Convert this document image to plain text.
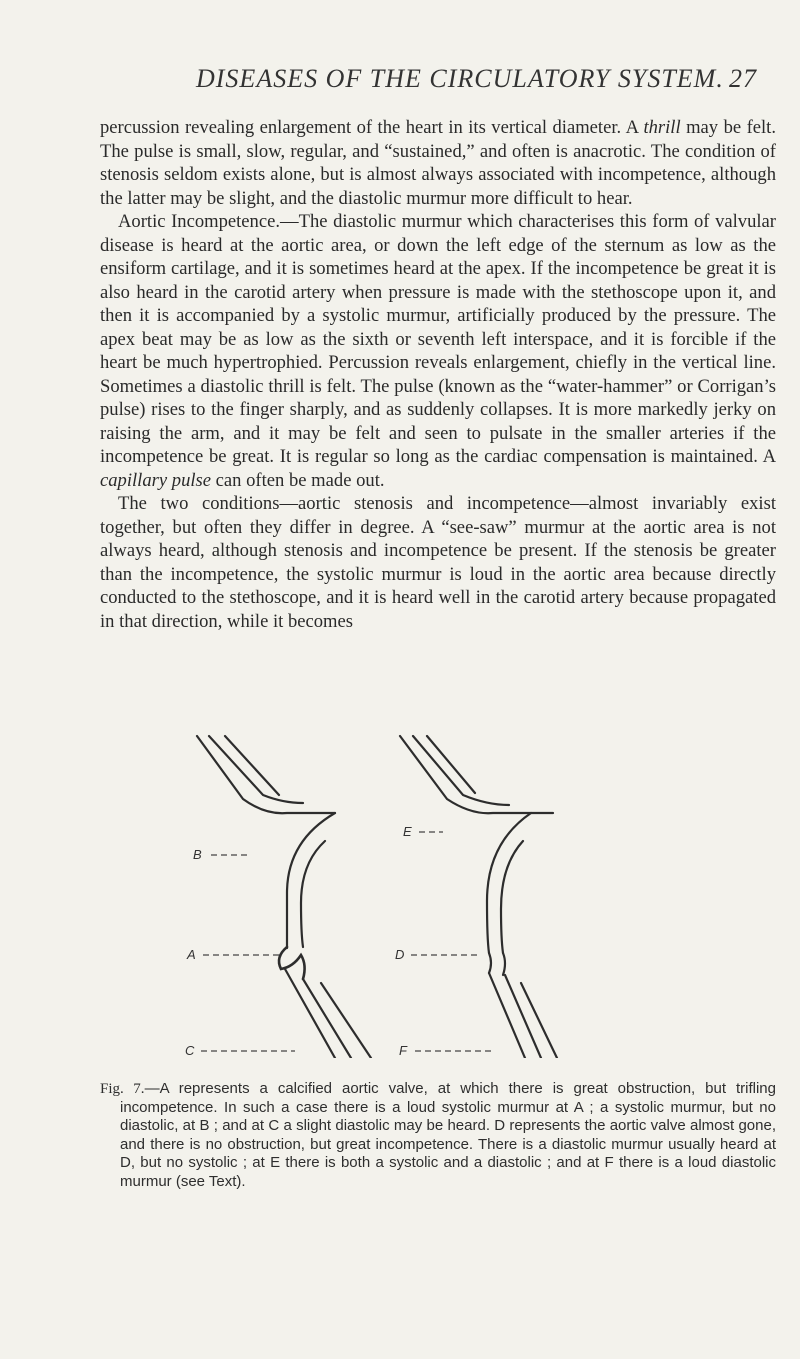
DISEASES OF THE CIRCULATORY SYSTEM. 27

percussion revealing enlargement of the heart in its vertical diameter. A thrill may be felt. The pulse is small, slow, regular, and “sustained,” and often is anacrotic. The condition of stenosis seldom exists alone, but is almost always associated with incompetence, although the latter may be slight, and the diastolic murmur more difficult to hear.

Aortic Incompetence.—The diastolic murmur which characterises this form of valvular disease is heard at the aortic area, or down the left edge of the sternum as low as the ensiform cartilage, and it is sometimes heard at the apex. If the incompetence be great it is also heard in the carotid artery when pressure is made with the stethoscope upon it, and then it is accompanied by a systolic murmur, artificially produced by the pressure. The apex beat may be as low as the sixth or seventh left interspace, and it is forcible if the heart be much hypertrophied. Percussion reveals enlargement, chiefly in the vertical line. Sometimes a diastolic thrill is felt. The pulse (known as the “water-hammer” or Corrigan’s pulse) rises to the finger sharply, and as suddenly collapses. It is more markedly jerky on raising the arm, and it may be felt and seen to pulsate in the smaller arteries if the incompetence be great. It is regular so long as the cardiac compensation is maintained. A capillary pulse can often be made out.

The two conditions—aortic stenosis and incompetence—almost invariably exist together, but often they differ in degree. A “see-saw” murmur at the aortic area is not always heard, although stenosis and incompetence be present. If the stenosis be greater than the incompetence, the systolic murmur is loud in the aortic area because directly conducted to the stethoscope, and it is heard well in the carotid artery because propagated in that direction, while it becomes

B
A
C
E
D
F
Fig. 7.—A represents a calcified aortic valve, at which there is great obstruction, but trifling incompetence. In such a case there is a loud systolic murmur at A ; a systolic murmur, but no diastolic, at B ; and at C a slight diastolic may be heard. D represents the aortic valve almost gone, and there is no obstruction, but great incompetence. There is a diastolic murmur usually heard at D, but no systolic ; at E there is both a systolic and a diastolic ; and at F there is a loud diastolic murmur (see Text).
